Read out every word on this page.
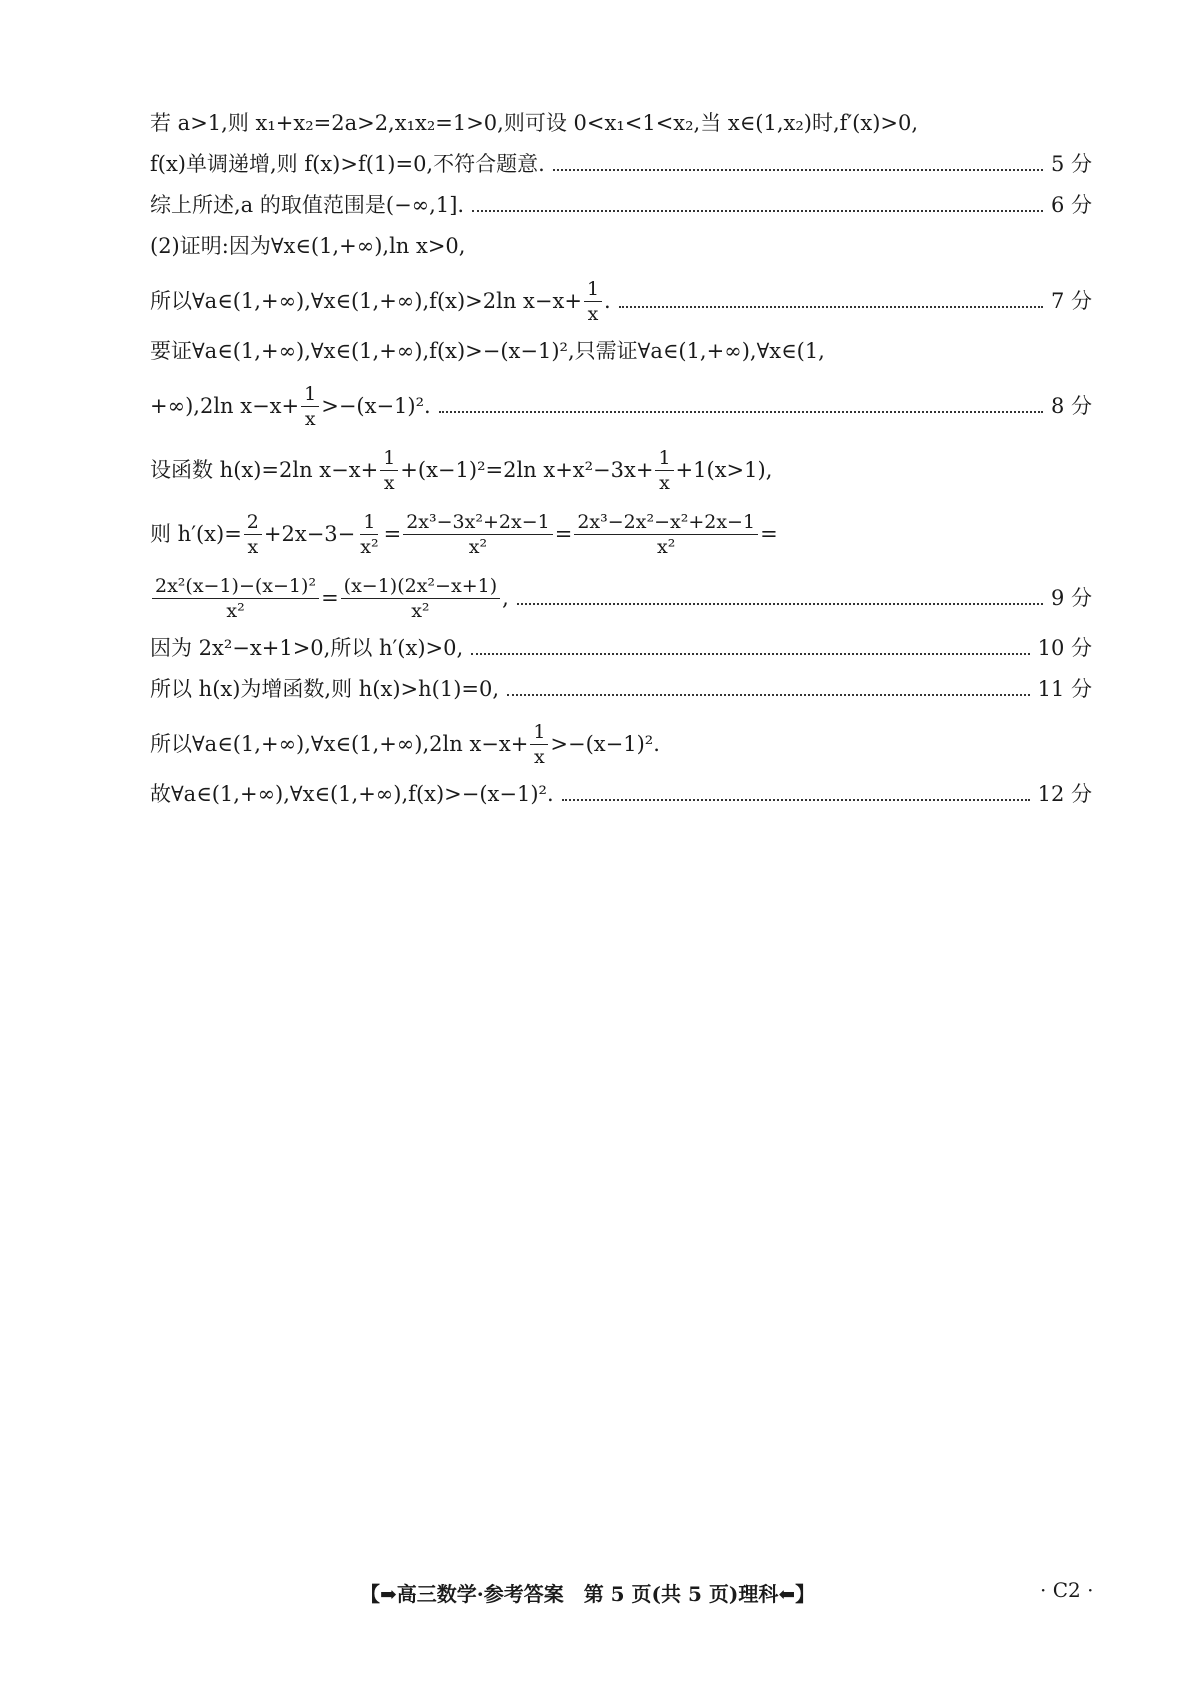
若 a>1,则 x₁+x₂=2a>2,x₁x₂=1>0,则可设 0<x₁<1<x₂,当 x∈(1,x₂)时,f′(x)>0,
f(x)单调递增,则 f(x)>f(1)=0,不符合题意.	5 分
综上所述,a 的取值范围是(−∞,1].	6 分
(2)证明:因为∀x∈(1,+∞),ln x>0,
所以∀a∈(1,+∞),∀x∈(1,+∞),f(x)>2ln $x-x+ \frac{1}{x}$ .	7 分
要证∀a∈(1,+∞),∀x∈(1,+∞),f(x)>−(x−1)²,只需证∀a∈(1,+∞),∀x∈(1,
+∞),2ln $x-x+ \frac{1}{x} >-(x-1)^2$.	8 分
设函数 h(x)=2ln $x-x+ \frac{1}{x} +(x-1)^2=2\ln$ $x+x^2-3x+ \frac{1}{x} +1(x>1)$,
则 $h'(x)= \frac{2}{x} +2x-3- \frac{1}{\text{x²}} = \frac{\text{2x³−3x²+2x−1}}{\text{x²}} = \frac{\text{2x³−2x²−x²+2x−1}}{\text{x²}}$ =
$\frac{\text{2x²(x−1)−(x−1)²}}{\text{x²}} = \frac{\text{(x−1)(2x²−x+1)}}{\text{x²}}$ ,	9 分
因为 2x²−x+1>0,所以 h′(x)>0,	10 分
所以 h(x)为增函数,则 h(x)>h(1)=0,	11 分
所以∀a∈(1,+∞),∀x∈(1,+∞),2ln $x-x+ \frac{1}{x} >-(x-1)^2$.
故∀a∈(1,+∞),∀x∈(1,+∞),f(x)>−(x−1)².	12 分
【➡高三数学·参考答案　第 5 页(共 5 页)理科⬅】	· C2 ·
